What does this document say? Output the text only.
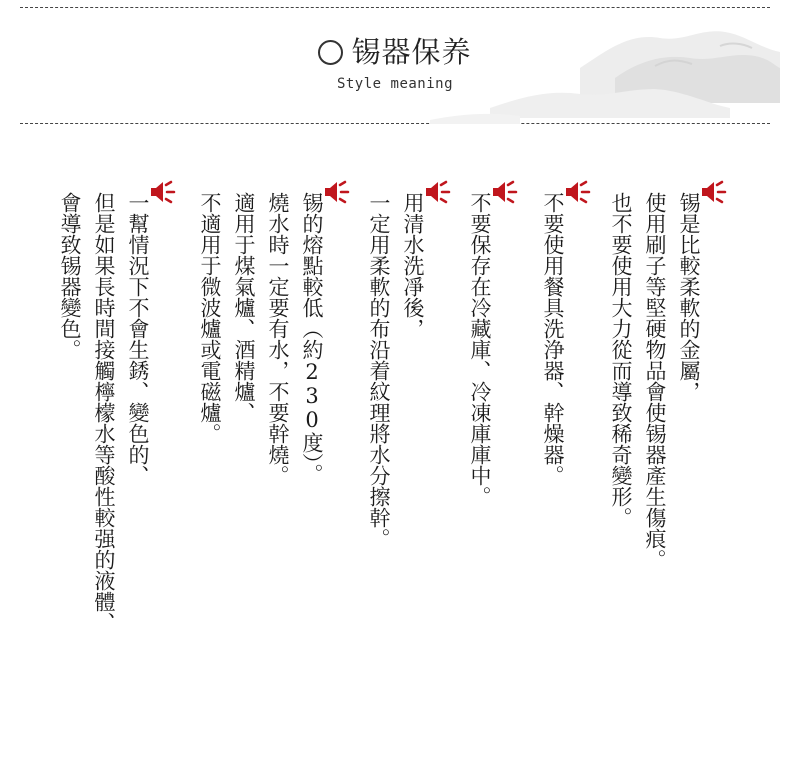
锡器保养
Style meaning
锡是比較柔軟的金屬，
使用刷子等堅硬物品會使锡器產生傷痕。
也不要使用大力從而導致稀奇變形。
不要使用餐具洗浄器、幹燥器。
不要保存在冷藏庫、冷凍庫庫中。
用清水洗凈後，
一定用柔軟的布沿着紋理將水分擦幹。
锡的熔點較低（約230度）。
燒水時一定要有水，不要幹燒。
適用于煤氣爐、酒精爐、
不適用于微波爐或電磁爐。
一幫情況下不會生銹、變色的、
但是如果長時間接觸檸檬水等酸性較强的液體、
會導致锡器變色。
